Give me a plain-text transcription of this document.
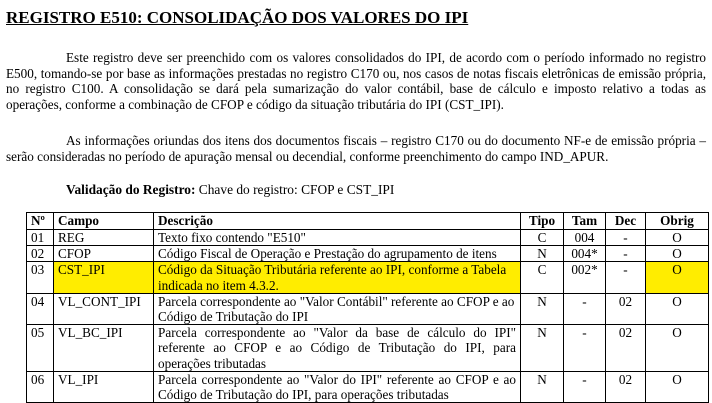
REGISTRO E510: CONSOLIDAÇÃO DOS VALORES DO IPI

Este registro deve ser preenchido com os valores consolidados do IPI, de acordo com o período informado no registro E500, tomando-se por base as informações prestadas no registro C170 ou, nos casos de notas fiscais eletrônicas de emissão própria, no registro C100. A consolidação se dará pela sumarização do valor contábil, base de cálculo e imposto relativo a todas as operações, conforme a combinação de CFOP e código da situação tributária do IPI (CST_IPI).

As informações oriundas dos itens dos documentos fiscais – registro C170 ou do documento NF-e de emissão própria – serão consideradas no período de apuração mensal ou decendial, conforme preenchimento do campo IND_APUR.

Validação do Registro: Chave do registro: CFOP e CST_IPI
Nº	Campo	Descrição	Tipo	Tam	Dec	Obrig
01	REG	Texto fixo contendo "E510"	C	004	-	O
02	CFOP	Código Fiscal de Operação e Prestação do agrupamento de itens	N	004*	-	O
03	CST_IPI	Código da Situação Tributária referente ao IPI, conforme a Tabela indicada no item 4.3.2.	C	002*	-	O
04	VL_CONT_IPI	Parcela correspondente ao "Valor Contábil" referente ao CFOP e ao Código de Tributação do IPI	N	-	02	O
05	VL_BC_IPI	Parcela correspondente ao "Valor da base de cálculo do IPI" referente ao CFOP e ao Código de Tributação do IPI, para operações tributadas	N	-	02	O
06	VL_IPI	Parcela correspondente ao "Valor do IPI" referente ao CFOP e ao Código de Tributação do IPI, para operações tributadas	N	-	02	O
